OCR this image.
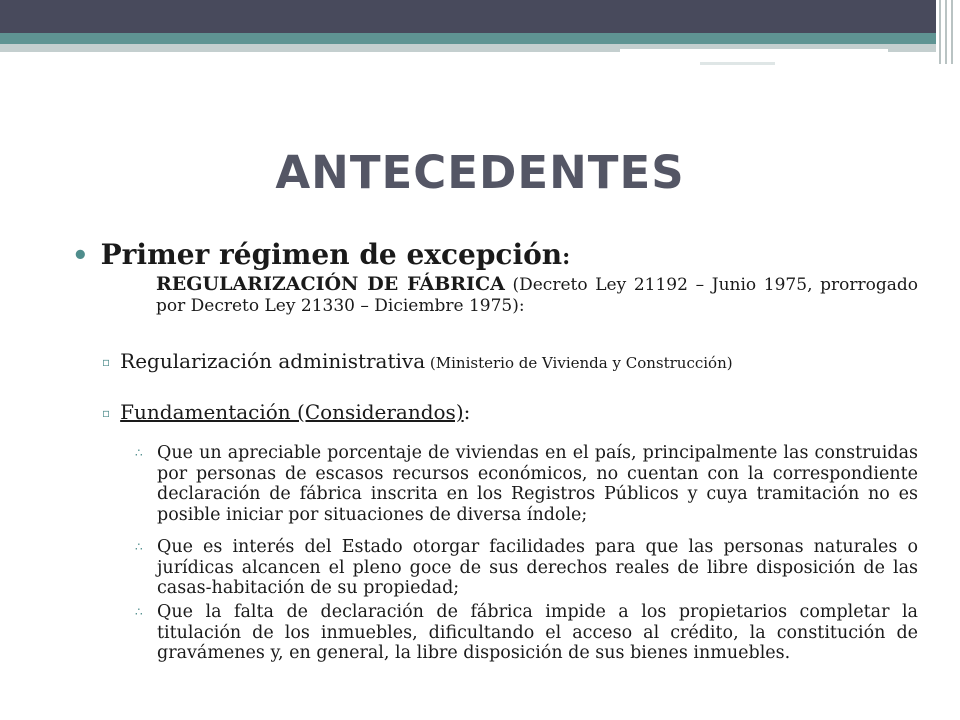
ANTECEDENTES
• Primer régimen de excepción:
REGULARIZACIÓN DE FÁBRICA (Decreto Ley 21192 – Junio 1975, prorrogado por Decreto Ley 21330 – Diciembre 1975):
▫ Regularización administrativa (Ministerio de Vivienda y Construcción)
▫ Fundamentación (Considerandos):
∴ Que un apreciable porcentaje de viviendas en el país, principalmente las construidas por personas de escasos recursos económicos, no cuentan con la correspondiente declaración de fábrica inscrita en los Registros Públicos y cuya tramitación no es posible iniciar por situaciones de diversa índole;
∴ Que es interés del Estado otorgar facilidades para que las personas naturales o jurídicas alcancen el pleno goce de sus derechos reales de libre disposición de las casas-habitación de su propiedad;
∴ Que la falta de declaración de fábrica impide a los propietarios completar la titulación de los inmuebles, dificultando el acceso al crédito, la constitución de gravámenes y, en general, la libre disposición de sus bienes inmuebles.
